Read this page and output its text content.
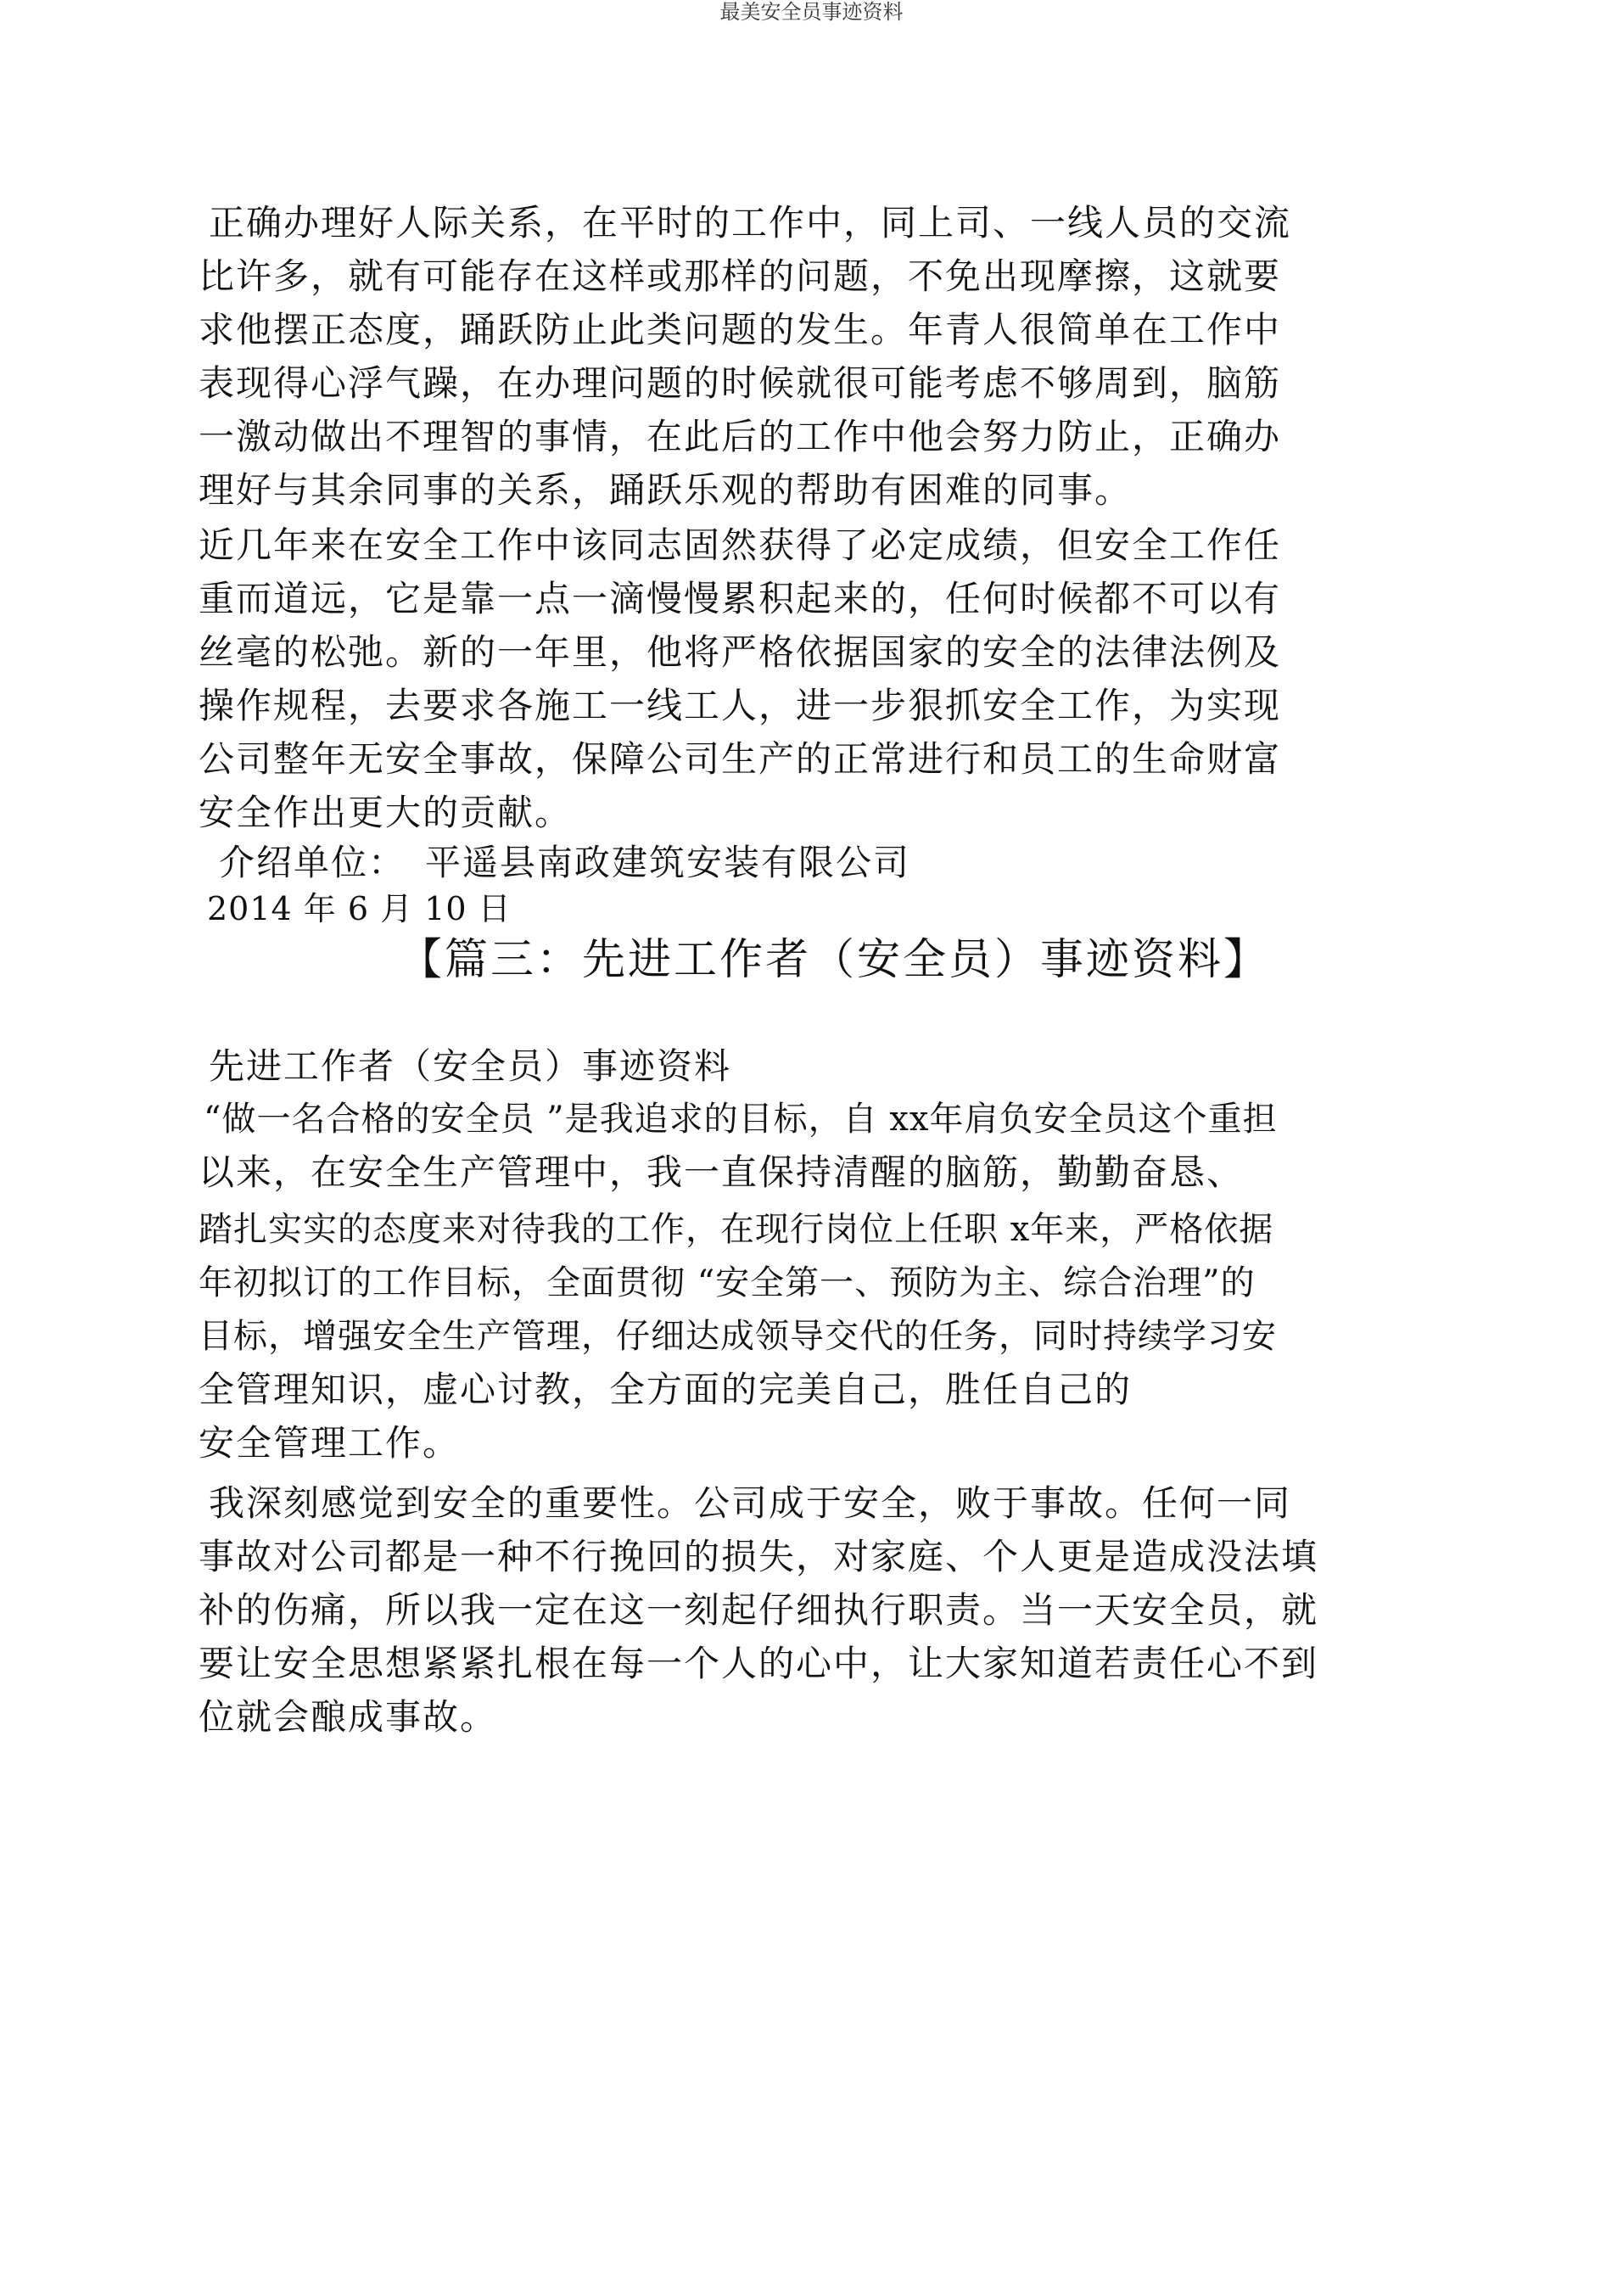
最美安全员事迹资料
正确办理好人际关系，在平时的工作中，同上司、一线人员的交流
比许多，就有可能存在这样或那样的问题，不免出现摩擦，这就要
求他摆正态度，踊跃防止此类问题的发生。年青人很简单在工作中
表现得心浮气躁，在办理问题的时候就很可能考虑不够周到，脑筋
一激动做出不理智的事情，在此后的工作中他会努力防止，正确办
理好与其余同事的关系，踊跃乐观的帮助有困难的同事。
近几年来在安全工作中该同志固然获得了必定成绩，但安全工作任
重而道远，它是靠一点一滴慢慢累积起来的，任何时候都不可以有
丝毫的松弛。新的一年里，他将严格依据国家的安全的法律法例及
操作规程，去要求各施工一线工人，进一步狠抓安全工作，为实现
公司整年无安全事故，保障公司生产的正常进行和员工的生命财富
安全作出更大的贡献。
介绍单位：　平遥县南政建筑安装有限公司
2014 年 6 月 10 日
【篇三：先进工作者（安全员）事迹资料】
先进工作者（安全员）事迹资料
“做一名合格的安全员 ”是我追求的目标，自 xx年肩负安全员这个重担
以来，在安全生产管理中，我一直保持清醒的脑筋，勤勤奋恳、
踏扎实实的态度来对待我的工作，在现行岗位上任职 x年来，严格依据
年初拟订的工作目标，全面贯彻 “安全第一、预防为主、综合治理”的
目标，增强安全生产管理，仔细达成领导交代的任务，同时持续学习安
全管理知识，虚心讨教，全方面的完美自己，胜任自己的
安全管理工作。
我深刻感觉到安全的重要性。公司成于安全，败于事故。任何一同
事故对公司都是一种不行挽回的损失，对家庭、个人更是造成没法填
补的伤痛，所以我一定在这一刻起仔细执行职责。当一天安全员，就
要让安全思想紧紧扎根在每一个人的心中，让大家知道若责任心不到
位就会酿成事故。
